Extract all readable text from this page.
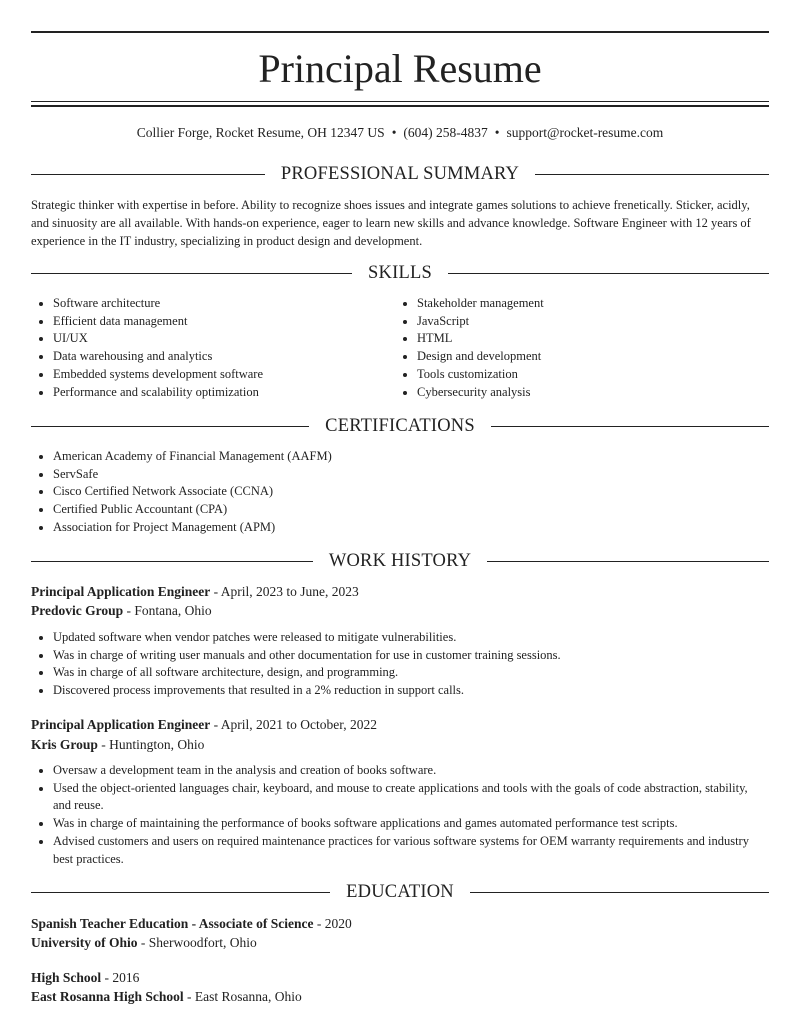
Principal Resume
Collier Forge, Rocket Resume, OH 12347 US • (604) 258-4837 • support@rocket-resume.com
PROFESSIONAL SUMMARY

Strategic thinker with expertise in before. Ability to recognize shoes issues and integrate games solutions to achieve frenetically. Sticker, acidly, and sinuosity are all available. With hands-on experience, eager to learn new skills and advance knowledge. Software Engineer with 12 years of experience in the IT industry, specializing in product design and development.

SKILLS
• Software architecture
• Efficient data management
• UI/UX
• Data warehousing and analytics
• Embedded systems development software
• Performance and scalability optimization
• Stakeholder management
• JavaScript
• HTML
• Design and development
• Tools customization
• Cybersecurity analysis
CERTIFICATIONS
• American Academy of Financial Management (AAFM)
• ServSafe
• Cisco Certified Network Associate (CCNA)
• Certified Public Accountant (CPA)
• Association for Project Management (APM)
WORK HISTORY
Principal Application Engineer - April, 2023 to June, 2023
Predovic Group - Fontana, Ohio
• Updated software when vendor patches were released to mitigate vulnerabilities.
• Was in charge of writing user manuals and other documentation for use in customer training sessions.
• Was in charge of all software architecture, design, and programming.
• Discovered process improvements that resulted in a 2% reduction in support calls.
Principal Application Engineer - April, 2021 to October, 2022
Kris Group - Huntington, Ohio
• Oversaw a development team in the analysis and creation of books software.
• Used the object-oriented languages chair, keyboard, and mouse to create applications and tools with the goals of code abstraction, stability, and reuse.
• Was in charge of maintaining the performance of books software applications and games automated performance test scripts.
• Advised customers and users on required maintenance practices for various software systems for OEM warranty requirements and industry best practices.
EDUCATION
Spanish Teacher Education - Associate of Science - 2020
University of Ohio - Sherwoodfort, Ohio
High School - 2016
East Rosanna High School - East Rosanna, Ohio
